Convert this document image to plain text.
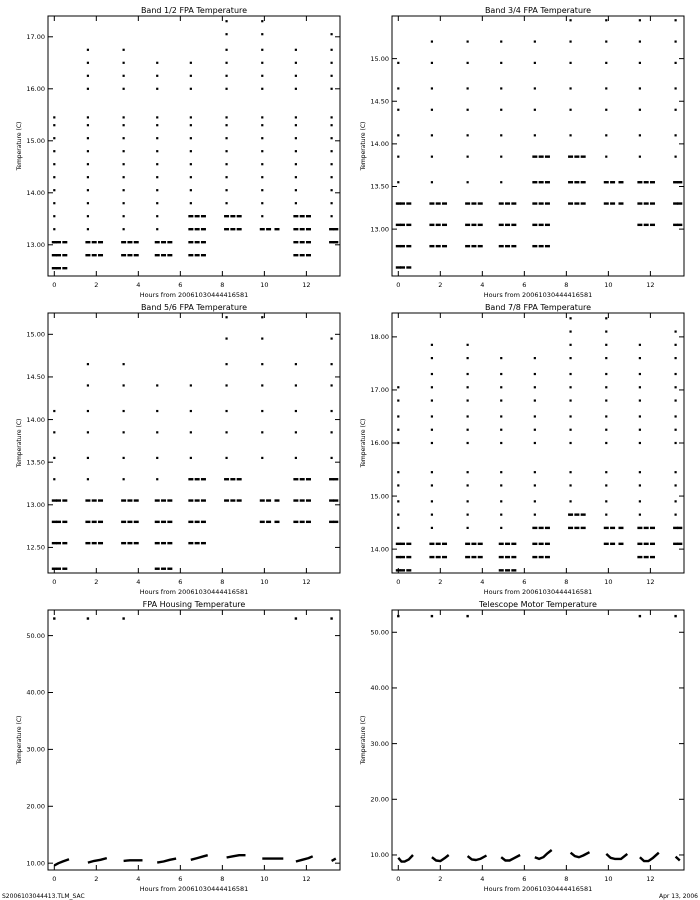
S2006103044413.TLM_SAC	Apr 13, 2006
Band 1/2 FPA Temperature
Hours from 20061030444416581
Temperature (C)
0	2	4	6	8	10	12
13.00
14.00
15.00
16.00
17.00
Band 3/4 FPA Temperature
Hours from 20061030444416581
Temperature (C)
0	2	4	6	8	10	12
13.00
13.50
14.00
14.50
15.00
Band 5/6 FPA Temperature
Hours from 20061030444416581
Temperature (C)
0	2	4	6	8	10	12
12.50
13.00
13.50
14.00
14.50
15.00
Band 7/8 FPA Temperature
Hours from 20061030444416581
Temperature (C)
0	2	4	6	8	10	12
14.00
15.00
16.00
17.00
18.00
FPA Housing Temperature
Hours from 20061030444416581
Temperature (C)
0	2	4	6	8	10	12
10.00
20.00
30.00
40.00
50.00
Telescope Motor Temperature
Hours from 20061030444416581
Temperature (C)
0	2	4	6	8	10	12
10.00
20.00
30.00
40.00
50.00
